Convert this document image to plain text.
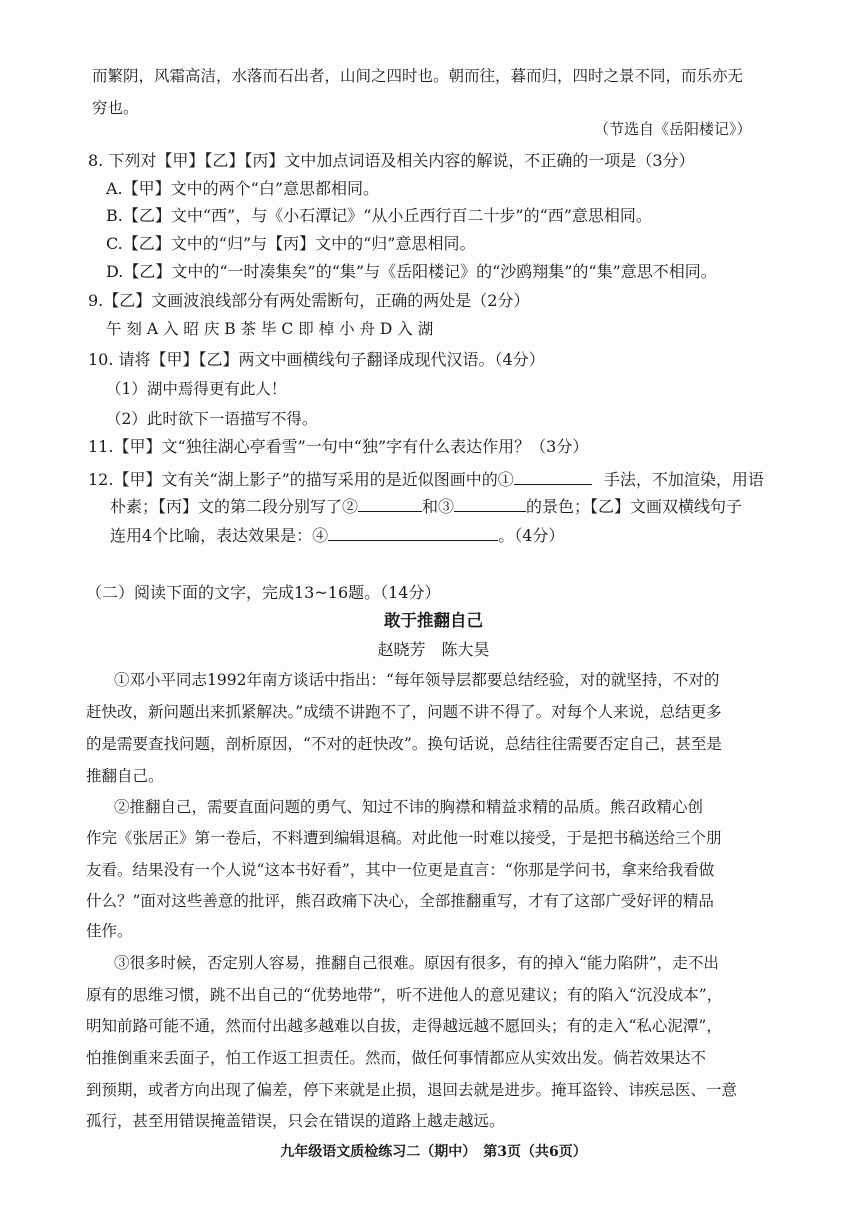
而繁阴，风霜高洁，水落而石出者，山间之四时也。朝而往，暮而归，四时之景不同，而乐亦无
穷也。
（节选自《岳阳楼记》）
8. 下列对【甲】【乙】【丙】文中加点词语及相关内容的解说，不正确的一项是（3分）
A.【甲】文中的两个“白”意思都相同。
B.【乙】文中“西”，与《小石潭记》“从小丘西行百二十步”的“西”意思相同。
C.【乙】文中的“归”与【丙】文中的“归”意思相同。
D.【乙】文中的“一时凑集矣”的“集”与《岳阳楼记》的“沙鸥翔集”的“集”意思不相同。
9.【乙】文画波浪线部分有两处需断句，正确的两处是（2分）
午 刻 A 入 昭 庆 B 茶 毕 C 即 棹 小 舟 D 入 湖
10. 请将【甲】【乙】两文中画横线句子翻译成现代汉语。（4分）
（1）湖中焉得更有此人！
（2）此时欲下一语描写不得。
11.【甲】文“独往湖心亭看雪”一句中“独”字有什么表达作用？（3分）
12.【甲】文有关“湖上影子”的描写采用的是近似图画中的①	手法，不加渲染，用语
朴素；【丙】文的第二段分别写了②	和③	的景色；【乙】文画双横线句子
连用4个比喻，表达效果是：④	。（4分）
（二）阅读下面的文字，完成13~16题。（14分）
敢于推翻自己
赵晓芳　陈大昊
①邓小平同志1992年南方谈话中指出：“每年领导层都要总结经验，对的就坚持，不对的
赶快改，新问题出来抓紧解决。”成绩不讲跑不了，问题不讲不得了。对每个人来说，总结更多
的是需要查找问题，剖析原因，“不对的赶快改”。换句话说，总结往往需要否定自己，甚至是
推翻自己。
②推翻自己，需要直面问题的勇气、知过不讳的胸襟和精益求精的品质。熊召政精心创
作完《张居正》第一卷后，不料遭到编辑退稿。对此他一时难以接受，于是把书稿送给三个朋
友看。结果没有一个人说“这本书好看”，其中一位更是直言：“你那是学问书，拿来给我看做
什么？”面对这些善意的批评，熊召政痛下决心，全部推翻重写，才有了这部广受好评的精品
佳作。
③很多时候，否定别人容易，推翻自己很难。原因有很多，有的掉入“能力陷阱”，走不出
原有的思维习惯，跳不出自己的“优势地带”，听不进他人的意见建议；有的陷入“沉没成本”，
明知前路可能不通，然而付出越多越难以自拔，走得越远越不愿回头；有的走入“私心泥潭”，
怕推倒重来丢面子，怕工作返工担责任。然而，做任何事情都应从实效出发。倘若效果达不
到预期，或者方向出现了偏差，停下来就是止损，退回去就是进步。掩耳盗铃、讳疾忌医、一意
孤行，甚至用错误掩盖错误，只会在错误的道路上越走越远。
九年级语文质检练习二（期中）　第3页（共6页）
